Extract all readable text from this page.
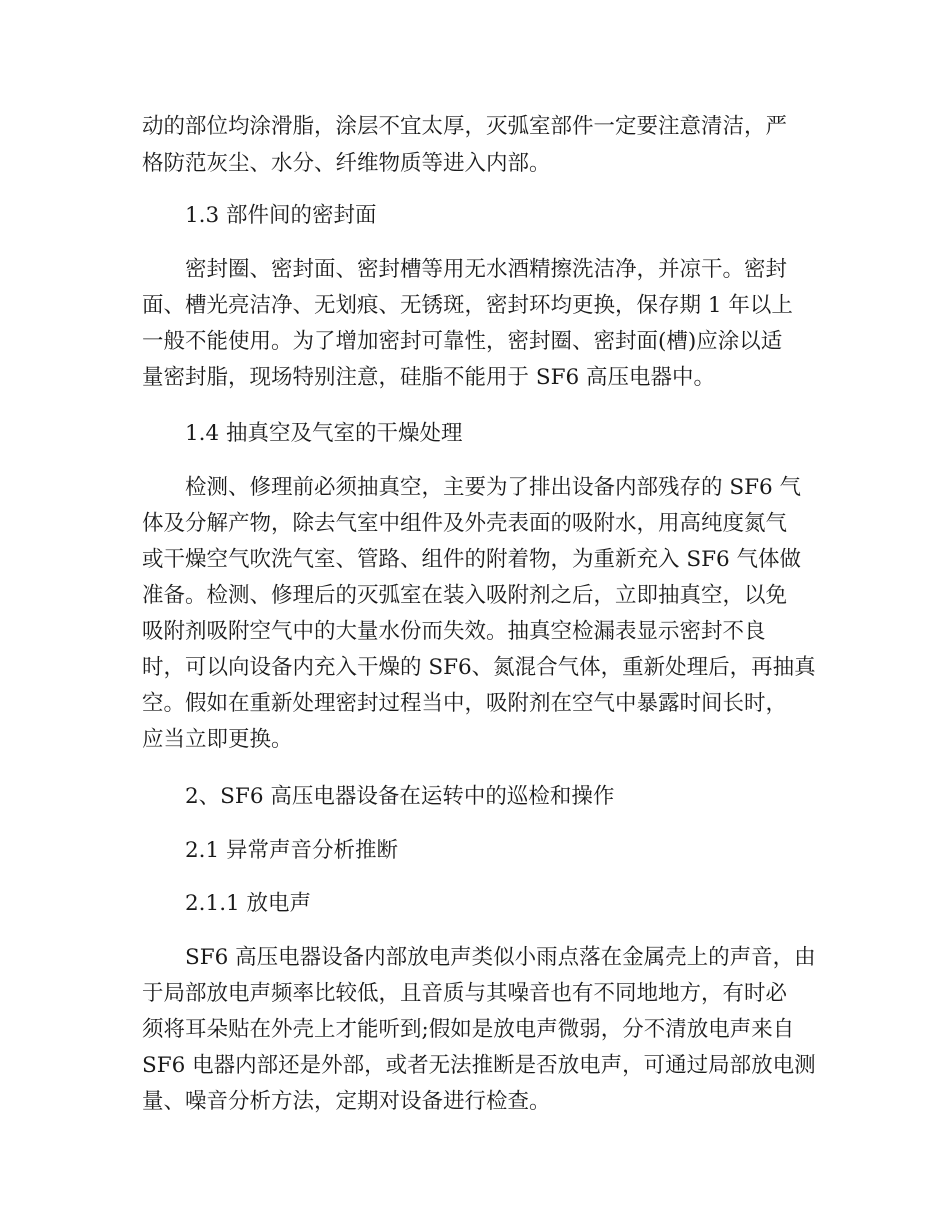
动的部位均涂滑脂，涂层不宜太厚，灭弧室部件一定要注意清洁，严
格防范灰尘、水分、纤维物质等进入内部。
1.3 部件间的密封面
密封圈、密封面、密封槽等用无水酒精擦洗洁净，并凉干。密封
面、槽光亮洁净、无划痕、无锈斑，密封环均更换，保存期 1 年以上
一般不能使用。为了增加密封可靠性，密封圈、密封面(槽)应涂以适
量密封脂，现场特别注意，硅脂不能用于 SF6 高压电器中。
1.4 抽真空及气室的干燥处理
检测、修理前必须抽真空，主要为了排出设备内部残存的 SF6 气
体及分解产物，除去气室中组件及外壳表面的吸附水，用高纯度氮气
或干燥空气吹洗气室、管路、组件的附着物，为重新充入 SF6 气体做
准备。检测、修理后的灭弧室在装入吸附剂之后，立即抽真空，以免
吸附剂吸附空气中的大量水份而失效。抽真空检漏表显示密封不良
时，可以向设备内充入干燥的 SF6、氮混合气体，重新处理后，再抽真
空。假如在重新处理密封过程当中，吸附剂在空气中暴露时间长时，
应当立即更换。
2、SF6 高压电器设备在运转中的巡检和操作
2.1 异常声音分析推断
2.1.1 放电声
SF6 高压电器设备内部放电声类似小雨点落在金属壳上的声音，由
于局部放电声频率比较低，且音质与其噪音也有不同地地方，有时必
须将耳朵贴在外壳上才能听到;假如是放电声微弱，分不清放电声来自
SF6 电器内部还是外部，或者无法推断是否放电声，可通过局部放电测
量、噪音分析方法，定期对设备进行检查。
